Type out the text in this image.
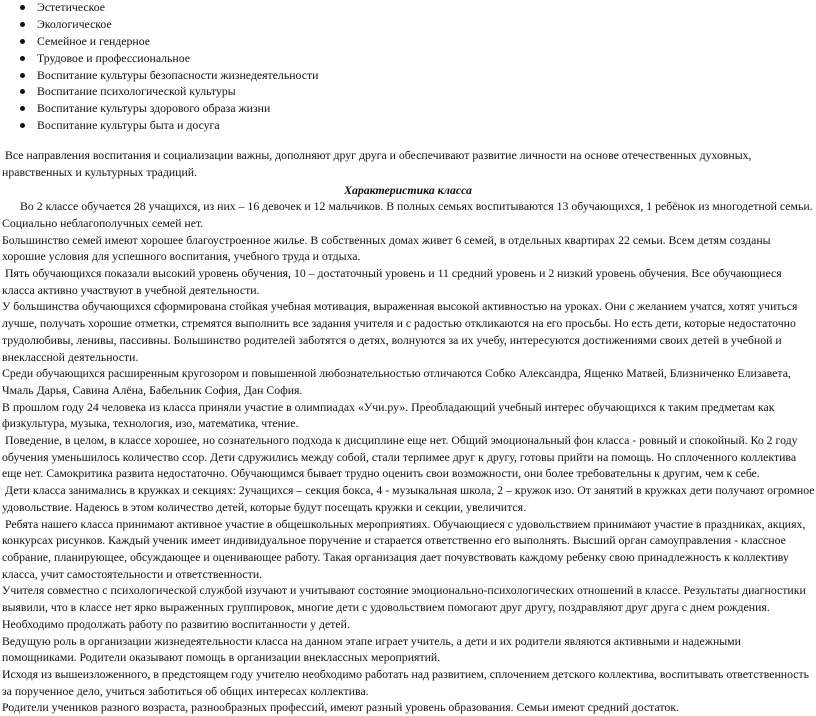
Эстетическое
Экологическое
Семейное и гендерное
Трудовое и профессиональное
Воспитание культуры безопасности жизнедеятельности
Воспитание психологической культуры
Воспитание культуры здорового образа жизни
Воспитание культуры быта и досуга

Все направления воспитания и социализации важны, дополняют друг друга и обеспечивают развитие личности на основе отечественных духовных, нравственных и культурных традиций.

Характеристика класса

Во 2 классе обучается 28 учащихся, из них – 16 девочек и 12 мальчиков. В полных семьях воспитываются 13 обучающихся, 1 ребёнок из многодетной семьи. Социально неблагополучных семей нет.

Большинство семей имеют хорошее благоустроенное жилье. В собственных домах живет 6 семей, в отдельных квартирах 22 семьи. Всем детям созданы хорошие условия для успешного воспитания, учебного труда и отдыха.

Пять обучающихся показали высокий уровень обучения, 10 – достаточный уровень и 11 средний уровень и 2 низкий уровень обучения. Все обучающиеся класса активно участвуют в учебной деятельности.

У большинства обучающихся сформирована стойкая учебная мотивация, выраженная высокой активностью на уроках. Они с желанием учатся, хотят учиться лучше, получать хорошие отметки, стремятся выполнить все задания учителя и с радостью откликаются на его просьбы. Но есть дети, которые недостаточно трудолюбивы, ленивы, пассивны. Большинство родителей заботятся о детях, волнуются за их учебу, интересуются достижениями своих детей в учебной и внеклассной деятельности.

Среди обучающихся расширенным кругозором и повышенной любознательностью отличаются Собко Александра, Ященко Матвей, Близниченко Елизавета, Чмаль Дарья, Савина Алёна, Бабельник София, Дан София.

В прошлом году 24 человека из класса приняли участие в олимпиадах «Учи.ру». Преобладающий учебный интерес обучающихся к таким предметам как физкультура, музыка, технология, изо, математика, чтение.

Поведение, в целом, в классе хорошее, но сознательного подхода к дисциплине еще нет. Общий эмоциональный фон класса - ровный и спокойный. Ко 2 году обучения уменьшилось количество ссор. Дети сдружились между собой, стали терпимее друг к другу, готовы прийти на помощь. Но сплоченного коллектива еще нет. Самокритика развита недостаточно. Обучающимся бывает трудно оценить свои возможности, они более требовательны к другим, чем к себе.

Дети класса занимались в кружках и секциях: 2учащихся – секция бокса, 4 - музыкальная школа, 2 – кружок изо. От занятий в кружках дети получают огромное удовольствие. Надеюсь в этом количество детей, которые будут посещать кружки и секции, увеличится.

Ребята нашего класса принимают активное участие в общешкольных мероприятиях. Обучающиеся с удовольствием принимают участие в праздниках, акциях, конкурсах рисунков. Каждый ученик имеет индивидуальное поручение и старается ответственно его выполнять. Высший орган самоуправления - классное собрание, планирующее, обсуждающее и оценивающее работу. Такая организация дает почувствовать каждому ребенку свою принадлежность к коллективу класса, учит самостоятельности и ответственности.

Учителя совместно с психологической службой изучают и учитывают состояние эмоционально-психологических отношений в классе. Результаты диагностики выявили, что в классе нет ярко выраженных группировок, многие дети с удовольствием помогают друг другу, поздравляют друг друга с днем рождения. Необходимо продолжать работу по развитию воспитанности у детей.

Ведущую роль в организации жизнедеятельности класса на данном этапе играет учитель, а дети и их родители являются активными и надежными помощниками. Родители оказывают помощь в организации внеклассных мероприятий.

Исходя из вышеизложенного, в предстоящем году учителю необходимо работать над развитием, сплочением детского коллектива, воспитывать ответственность за порученное дело, учиться заботиться об общих интересах коллектива.

Родители учеников разного возраста, разнообразных профессий, имеют разный уровень образования. Семьи имеют средний достаток.
